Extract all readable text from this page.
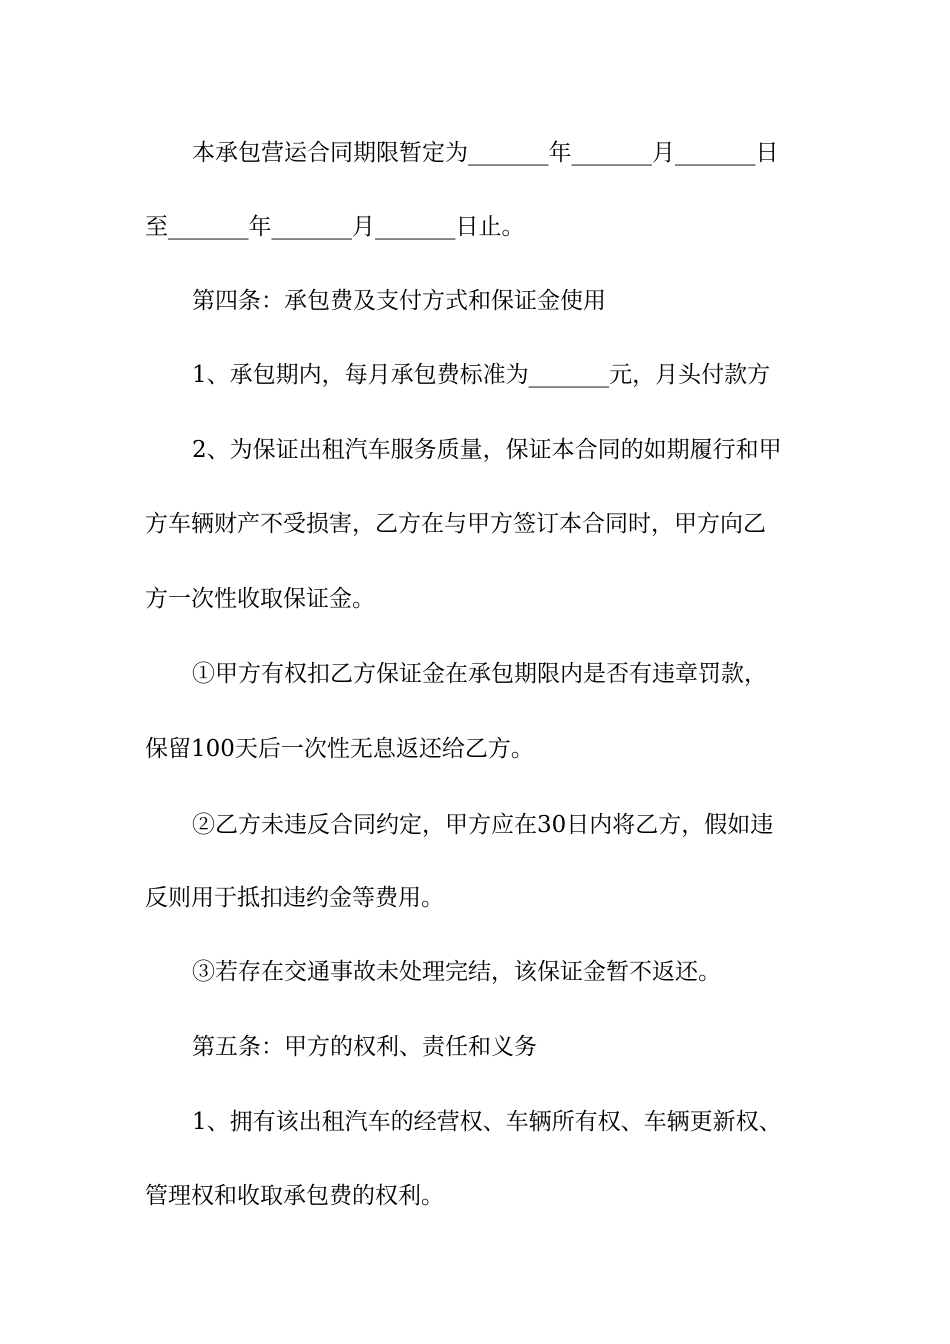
本承包营运合同期限暂定为_______年_______月_______日
至_______年_______月_______日止。
第四条：承包费及支付方式和保证金使用
1、承包期内，每月承包费标准为_______元，月头付款方
2、为保证出租汽车服务质量，保证本合同的如期履行和甲
方车辆财产不受损害，乙方在与甲方签订本合同时，甲方向乙
方一次性收取保证金。
①甲方有权扣乙方保证金在承包期限内是否有违章罚款，
保留100天后一次性无息返还给乙方。
②乙方未违反合同约定，甲方应在30日内将乙方，假如违
反则用于抵扣违约金等费用。
③若存在交通事故未处理完结，该保证金暂不返还。
第五条：甲方的权利、责任和义务
1、拥有该出租汽车的经营权、车辆所有权、车辆更新权、
管理权和收取承包费的权利。
